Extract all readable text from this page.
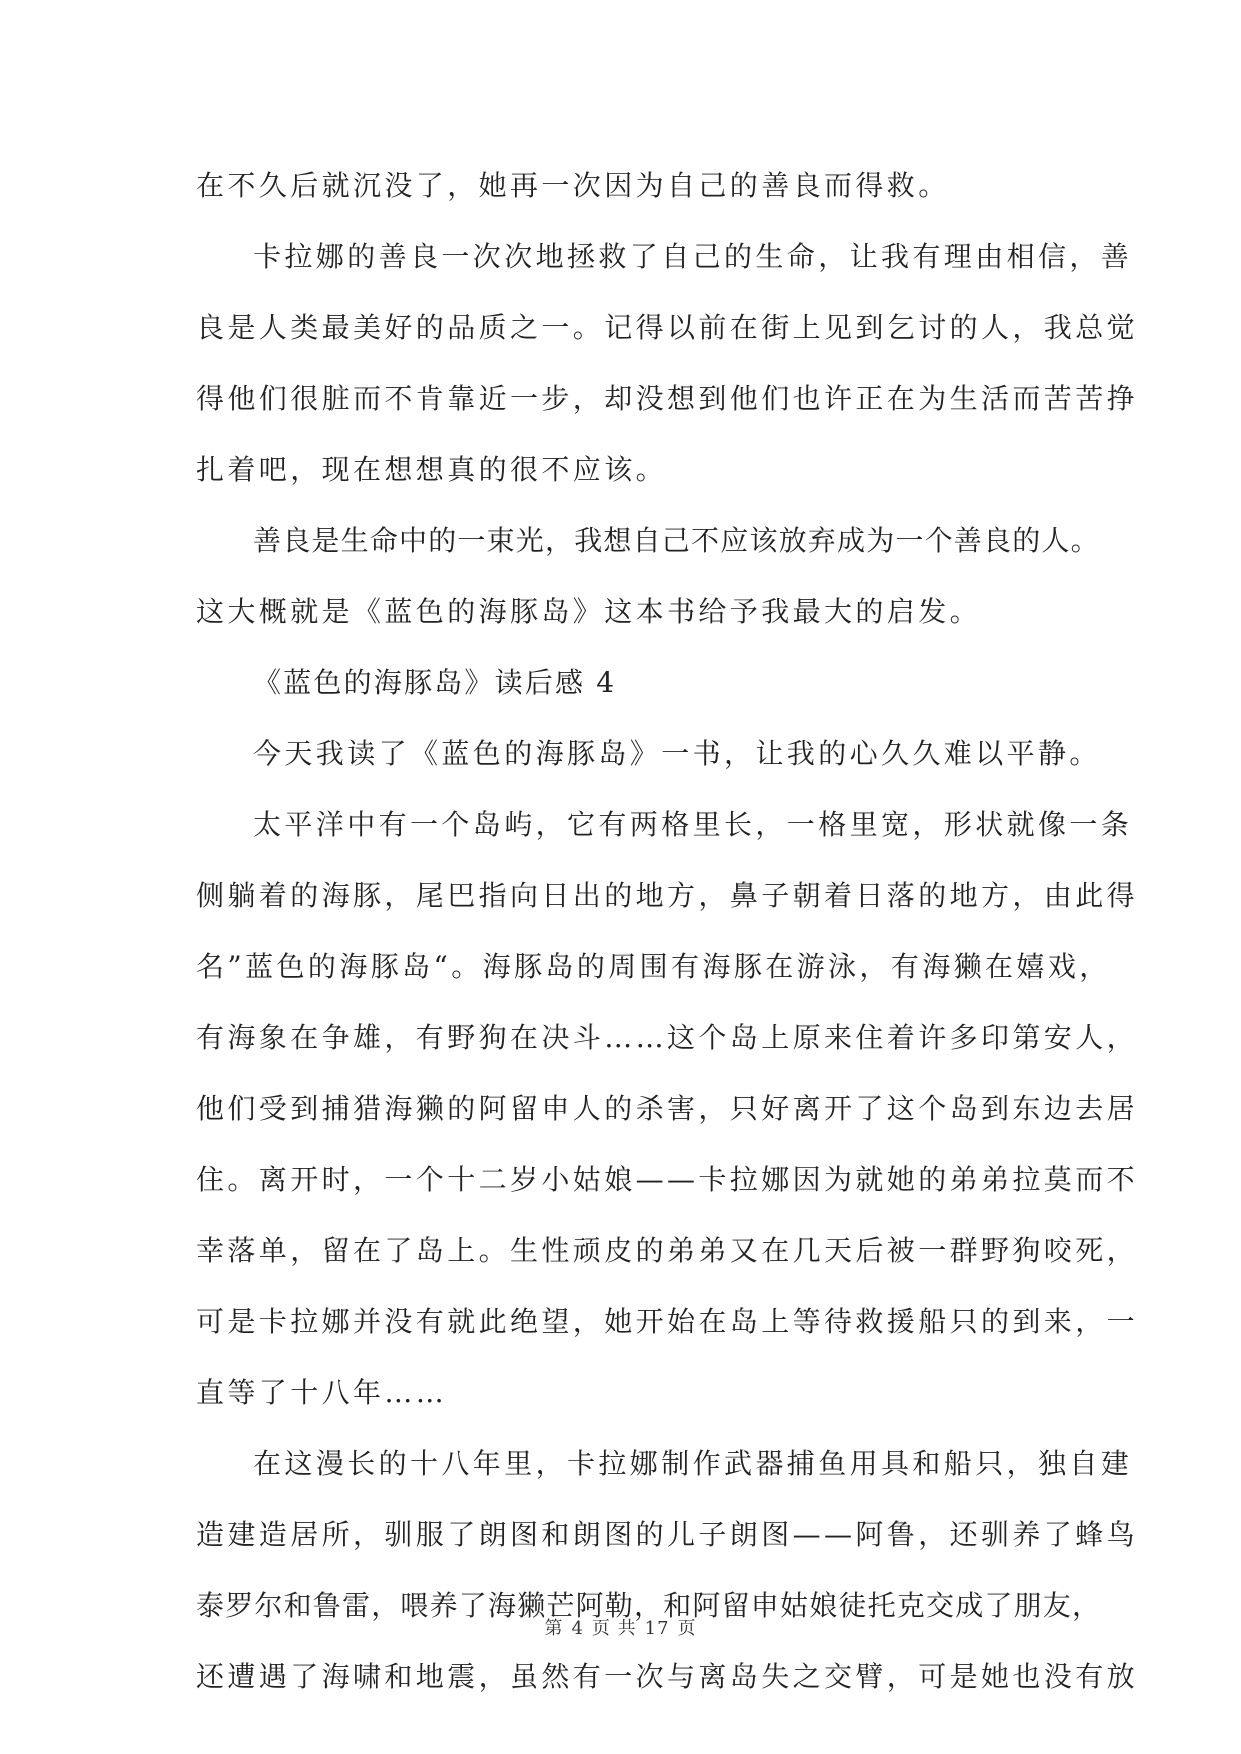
在不久后就沉没了，她再一次因为自己的善良而得救。
卡拉娜的善良一次次地拯救了自己的生命，让我有理由相信，善
良是人类最美好的品质之一。记得以前在街上见到乞讨的人，我总觉
得他们很脏而不肯靠近一步，却没想到他们也许正在为生活而苦苦挣
扎着吧，现在想想真的很不应该。
善良是生命中的一束光，我想自己不应该放弃成为一个善良的人。
这大概就是《蓝色的海豚岛》这本书给予我最大的启发。
《蓝色的海豚岛》读后感 4
今天我读了《蓝色的海豚岛》一书，让我的心久久难以平静。
太平洋中有一个岛屿，它有两格里长，一格里宽，形状就像一条
侧躺着的海豚，尾巴指向日出的地方，鼻子朝着日落的地方，由此得
名”蓝色的海豚岛“。海豚岛的周围有海豚在游泳，有海獭在嬉戏，
有海象在争雄，有野狗在决斗……这个岛上原来住着许多印第安人，
他们受到捕猎海獭的阿留申人的杀害，只好离开了这个岛到东边去居
住。离开时，一个十二岁小姑娘——卡拉娜因为就她的弟弟拉莫而不
幸落单，留在了岛上。生性顽皮的弟弟又在几天后被一群野狗咬死，
可是卡拉娜并没有就此绝望，她开始在岛上等待救援船只的到来，一
直等了十八年……
在这漫长的十八年里，卡拉娜制作武器捕鱼用具和船只，独自建
造建造居所，驯服了朗图和朗图的儿子朗图——阿鲁，还驯养了蜂鸟
泰罗尔和鲁雷，喂养了海獭芒阿勒，和阿留申姑娘徒托克交成了朋友，
还遭遇了海啸和地震，虽然有一次与离岛失之交臂，可是她也没有放
第 4 页 共 17 页
